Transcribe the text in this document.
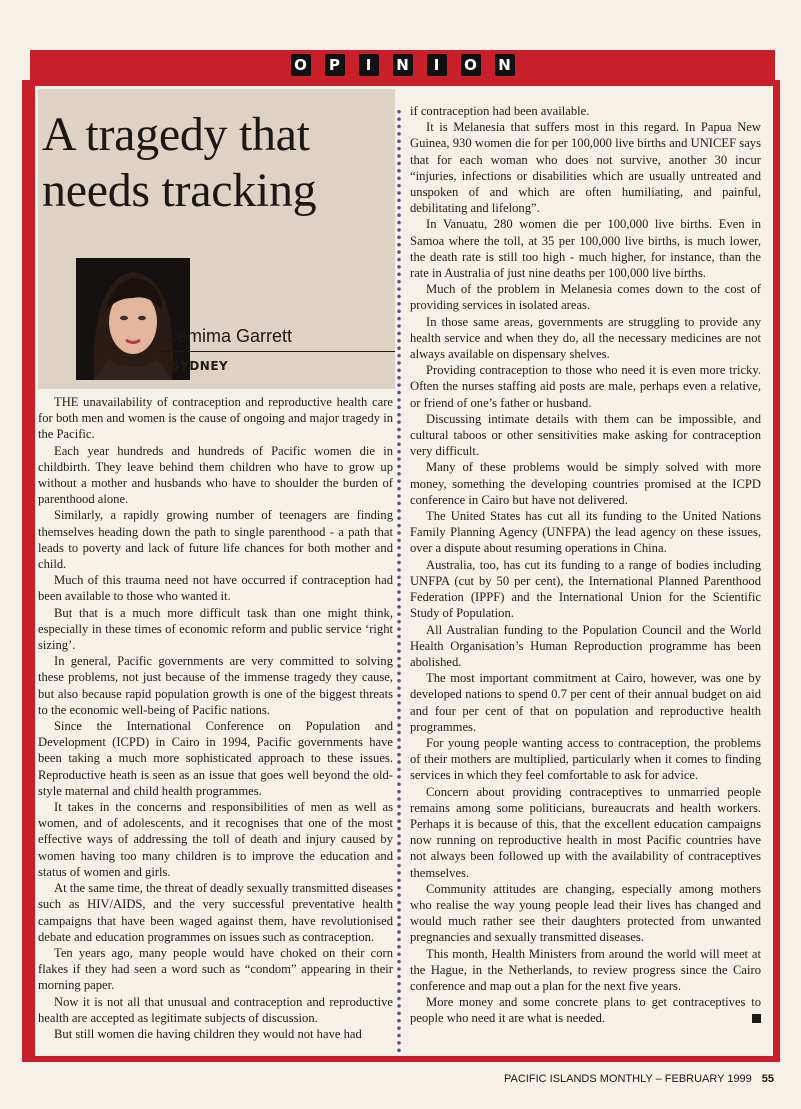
O	P	I	N	I	O N
A tragedy that needs tracking
Jemima Garrett
SYDNEY

THE unavailability of contraception and reproductive health care for both men and women is the cause of ongoing and major tragedy in the Pacific.

Each year hundreds and hundreds of Pacific women die in childbirth. They leave behind them children who have to grow up without a mother and husbands who have to shoulder the burden of parenthood alone.

Similarly, a rapidly growing number of teenagers are finding themselves heading down the path to single parenthood - a path that leads to poverty and lack of future life chances for both mother and child.

Much of this trauma need not have occurred if contraception had been available to those who wanted it.

But that is a much more difficult task than one might think, especially in these times of economic reform and public service ‘right sizing’.

In general, Pacific governments are very committed to solving these problems, not just because of the immense tragedy they cause, but also because rapid population growth is one of the biggest threats to the economic well-being of Pacific nations.

Since the International Conference on Population and Development (ICPD) in Cairo in 1994, Pacific governments have been taking a much more sophisticated approach to these issues. Reproductive heath is seen as an issue that goes well beyond the old-style maternal and child health programmes.

It takes in the concerns and responsibilities of men as well as women, and of adolescents, and it recognises that one of the most effective ways of addressing the toll of death and injury caused by women having too many children is to improve the education and status of women and girls.

At the same time, the threat of deadly sexually transmitted diseases such as HIV/AIDS, and the very successful preventative health campaigns that have been waged against them, have revolutionised debate and education programmes on issues such as contraception.

Ten years ago, many people would have choked on their corn flakes if they had seen a word such as “condom” appearing in their morning paper.

Now it is not all that unusual and contraception and reproductive health are accepted as legitimate subjects of discussion.

But still women die having children they would not have had

if contraception had been available.

It is Melanesia that suffers most in this regard. In Papua New Guinea, 930 women die for per 100,000 live births and UNICEF says that for each woman who does not survive, another 30 incur “injuries, infections or disabilities which are usually untreated and unspoken of and which are often humiliating, and painful, debilitating and lifelong”.

In Vanuatu, 280 women die per 100,000 live births. Even in Samoa where the toll, at 35 per 100,000 live births, is much lower, the death rate is still too high - much higher, for instance, than the rate in Australia of just nine deaths per 100,000 live births.

Much of the problem in Melanesia comes down to the cost of providing services in isolated areas.

In those same areas, governments are struggling to provide any health service and when they do, all the necessary medicines are not always available on dispensary shelves.

Providing contraception to those who need it is even more tricky. Often the nurses staffing aid posts are male, perhaps even a relative, or friend of one’s father or husband.

Discussing intimate details with them can be impossible, and cultural taboos or other sensitivities make asking for contraception very difficult.

Many of these problems would be simply solved with more money, something the developing countries promised at the ICPD conference in Cairo but have not delivered.

The United States has cut all its funding to the United Nations Family Planning Agency (UNFPA) the lead agency on these issues, over a dispute about resuming operations in China.

Australia, too, has cut its funding to a range of bodies including UNFPA (cut by 50 per cent), the International Planned Parenthood Federation (IPPF) and the International Union for the Scientific Study of Population.

All Australian funding to the Population Council and the World Health Organisation’s Human Reproduction programme has been abolished.

The most important commitment at Cairo, however, was one by developed nations to spend 0.7 per cent of their annual budget on aid and four per cent of that on population and reproductive health programmes.

For young people wanting access to contraception, the problems of their mothers are multiplied, particularly when it comes to finding services in which they feel comfortable to ask for advice.

Concern about providing contraceptives to unmarried people remains among some politicians, bureaucrats and health workers. Perhaps it is because of this, that the excellent education campaigns now running on reproductive health in most Pacific countries have not always been followed up with the availability of contraceptives themselves.

Community attitudes are changing, especially among mothers who realise the way young people lead their lives has changed and would much rather see their daughters protected from unwanted pregnancies and sexually transmitted diseases.

This month, Health Ministers from around the world will meet at the Hague, in the Netherlands, to review progress since the Cairo conference and map out a plan for the next five years.

More money and some concrete plans to get contraceptives to people who need it are what is needed.

PACIFIC ISLANDS MONTHLY – FEBRUARY 1999 55
